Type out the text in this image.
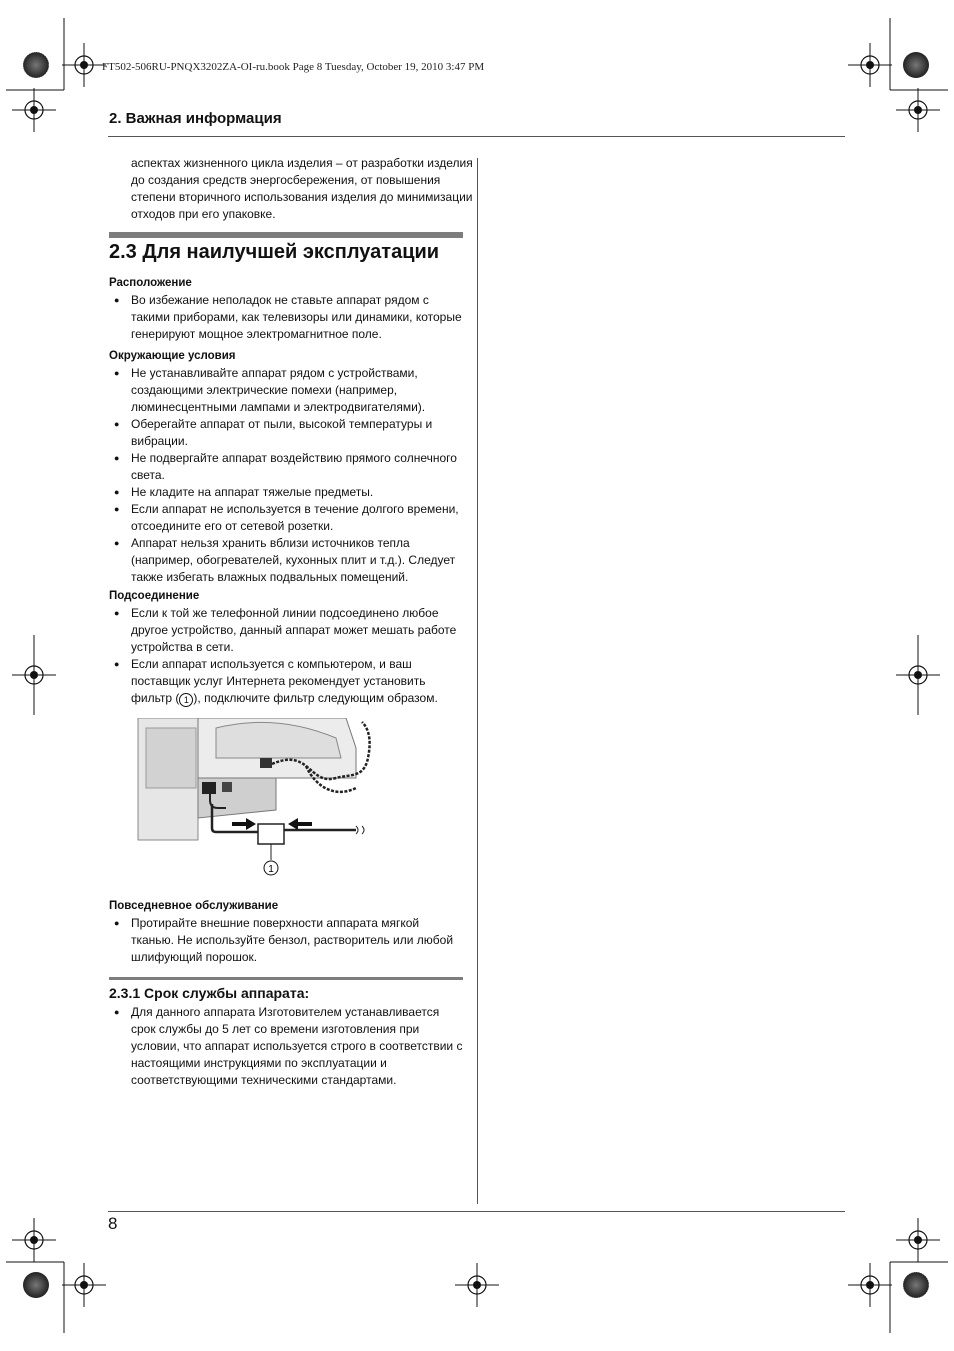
FT502-506RU-PNQX3202ZA-OI-ru.book Page 8 Tuesday, October 19, 2010 3:47 PM
2. Важная информация

аспектах жизненного цикла изделия – от разработки изделия до создания средств энергосбережения, от повышения степени вторичного использования изделия до минимизации отходов при его упаковке.

2.3 Для наилучшей эксплуатации

Расположение

● Во избежание неполадок не ставьте аппарат рядом с такими приборами, как телевизоры или динамики, которые генерируют мощное электромагнитное поле.

Окружающие условия

● Не устанавливайте аппарат рядом с устройствами, создающими электрические помехи (например, люминесцентными лампами и электродвигателями).
● Оберегайте аппарат от пыли, высокой температуры и вибрации.
● Не подвергайте аппарат воздействию прямого солнечного света.
● Не кладите на аппарат тяжелые предметы.
● Если аппарат не используется в течение долгого времени, отсоедините его от сетевой розетки.
● Аппарат нельзя хранить вблизи источников тепла (например, обогревателей, кухонных плит и т.д.). Следует также избегать влажных подвальных помещений.

Подсоединение

● Если к той же телефонной линии подсоединено любое другое устройство, данный аппарат может мешать работе устройства в сети.
● Если аппарат используется с компьютером, и ваш поставщик услуг Интернета рекомендует установить фильтр ( 1 ), подключите фильтр следующим образом.
1

Повседневное обслуживание

● Протирайте внешние поверхности аппарата мягкой тканью. Не используйте бензол, растворитель или любой шлифующий порошок.
2.3.1 Срок службы аппарата:
● Для данного аппарата Изготовителем устанавливается срок службы до 5 лет со времени изготовления при условии, что аппарат используется строго в соответствии с настоящими инструкциями по эксплуатации и соответствующими техническими стандартами.
8
